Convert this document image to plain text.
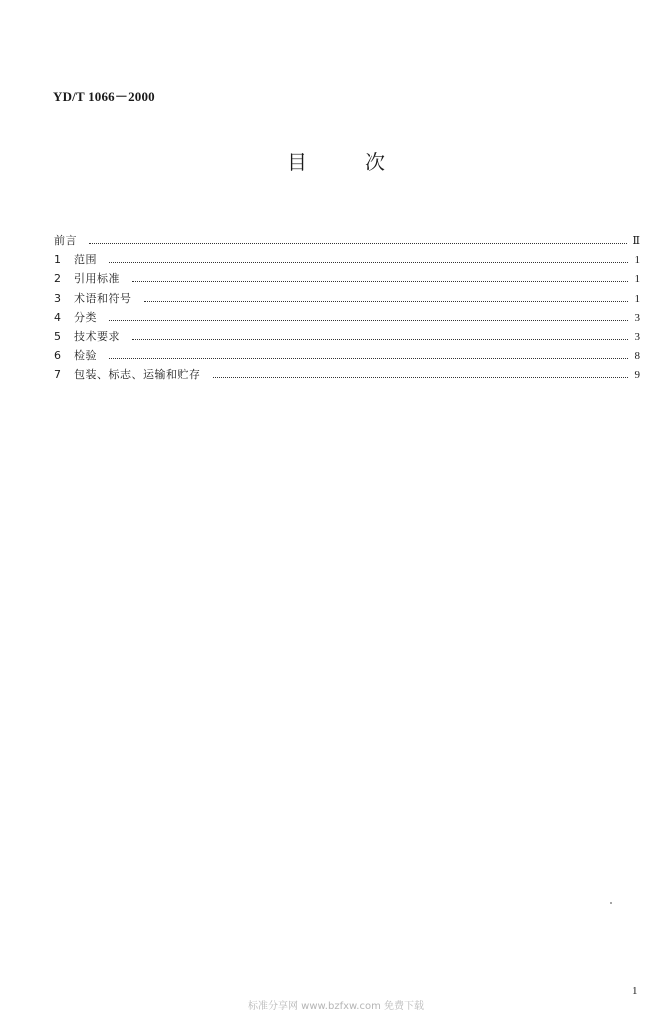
YD/T 1066－2000
目	次
前言	Ⅱ
1	范围	1
2	引用标准	1
3	术语和符号	1
4	分类	3
5	技术要求	3
6	检验	8
7	包装、标志、运输和贮存	9
1
标准分享网 www.bzfxw.com 免费下载
